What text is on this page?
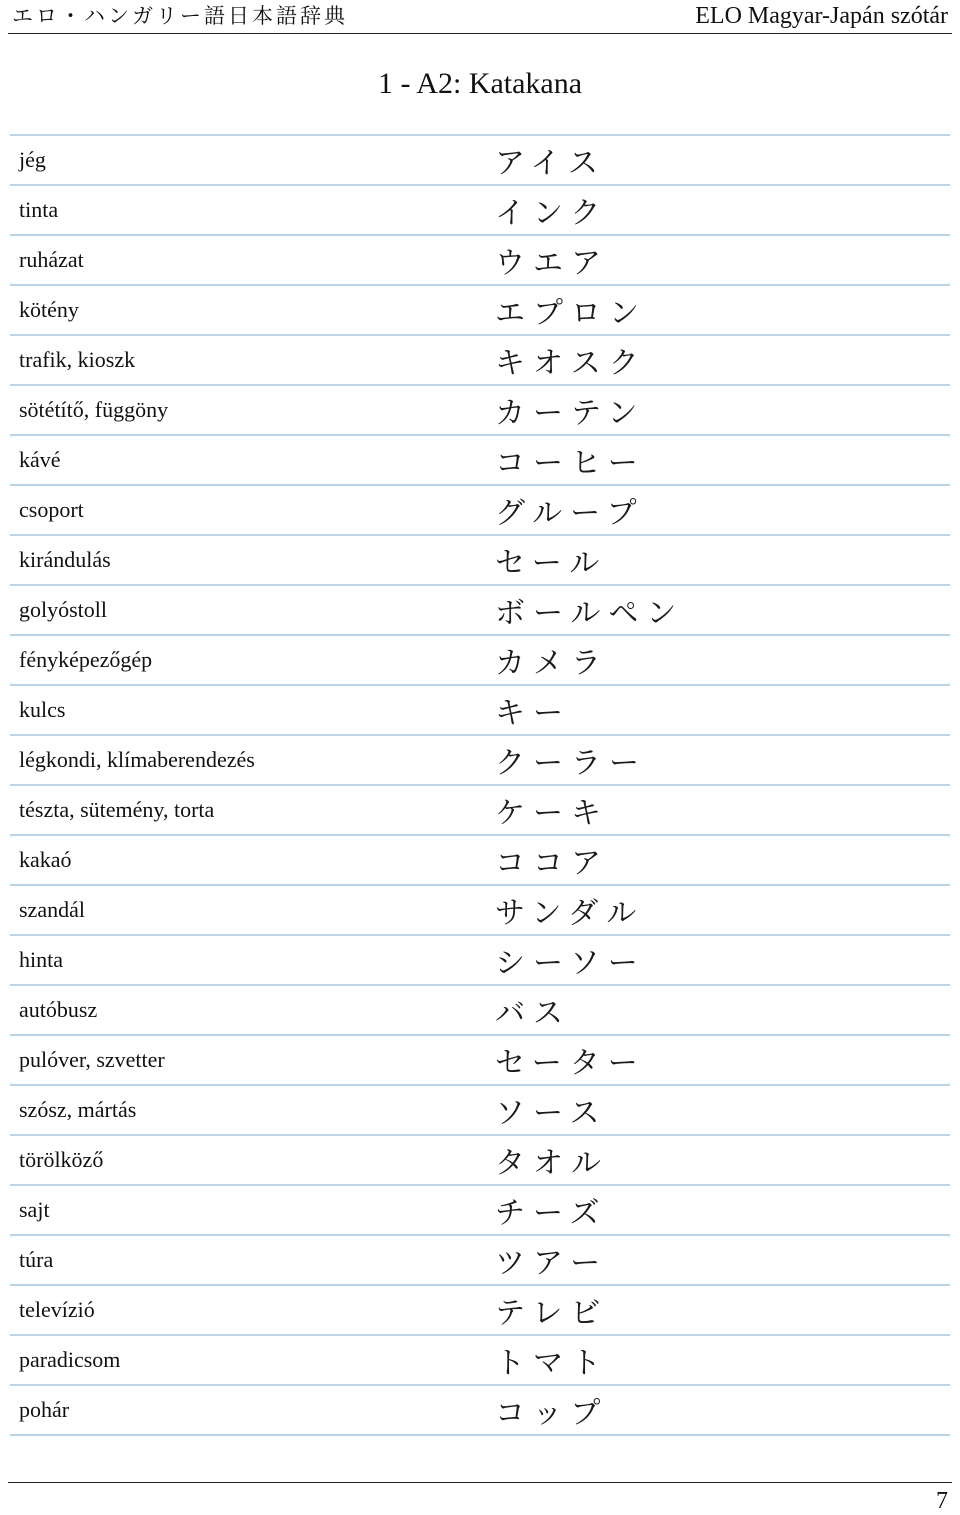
エロ・ハンガリー語日本語辞典	ELO Magyar-Japán szótár
1 - A2: Katakana
jég	アイス
tinta	インク
ruházat	ウエア
kötény	エプロン
trafik, kioszk	キオスク
sötétítő, függöny	カーテン
kávé	コーヒー
csoport	グループ
kirándulás	セール
golyóstoll	ボールペン
fényképezőgép	カメラ
kulcs	キー
légkondi, klímaberendezés	クーラー
tészta, sütemény, torta	ケーキ
kakaó	ココア
szandál	サンダル
hinta	シーソー
autóbusz	バス
pulóver, szvetter	セーター
szósz, mártás	ソース
törölköző	タオル
sajt	チーズ
túra	ツアー
televízió	テレビ
paradicsom	トマト
pohár	コップ
7
